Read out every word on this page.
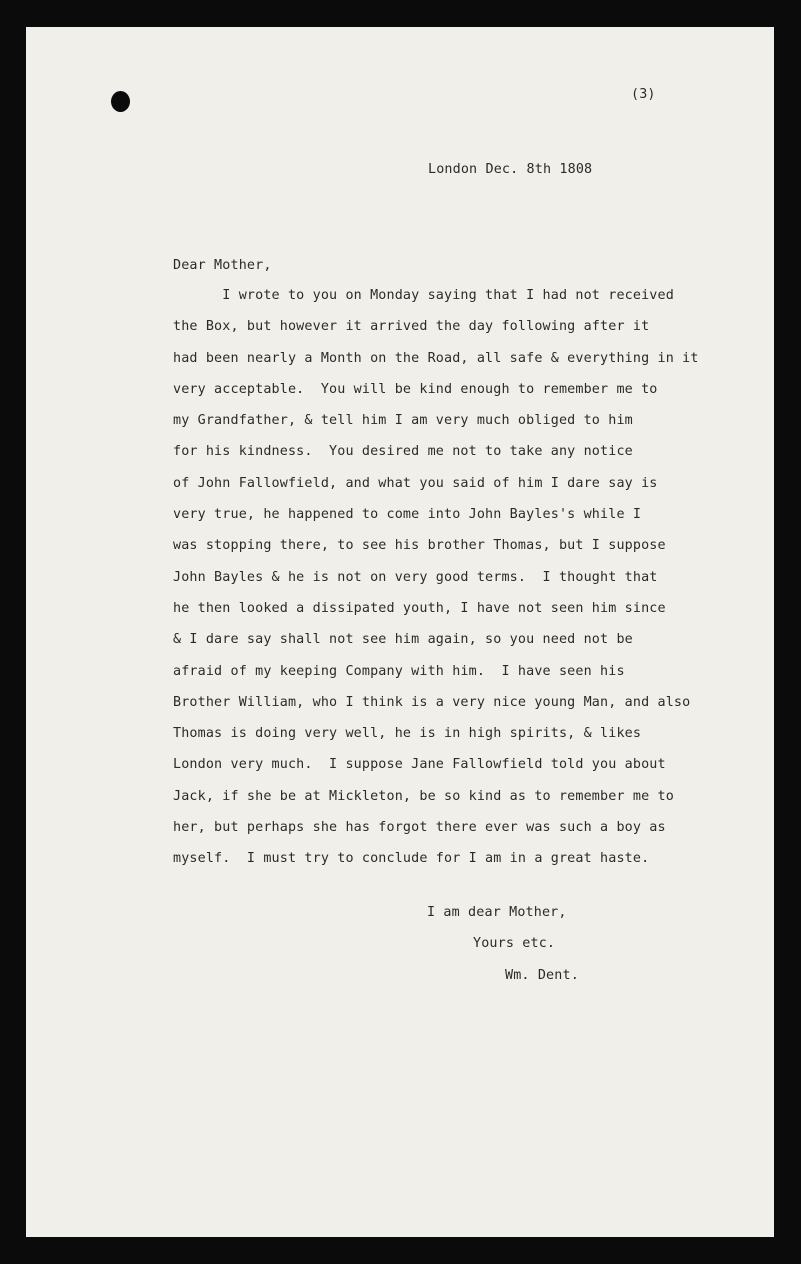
(3)
London Dec. 8th 1808
Dear Mother,
I wrote to you on Monday saying that I had not received
the Box, but however it arrived the day following after it
had been nearly a Month on the Road, all safe & everything in it
very acceptable.  You will be kind enough to remember me to
my Grandfather, & tell him I am very much obliged to him
for his kindness.  You desired me not to take any notice
of John Fallowfield, and what you said of him I dare say is
very true, he happened to come into John Bayles's while I
was stopping there, to see his brother Thomas, but I suppose
John Bayles & he is not on very good terms.  I thought that
he then looked a dissipated youth, I have not seen him since
& I dare say shall not see him again, so you need not be
afraid of my keeping Company with him.  I have seen his
Brother William, who I think is a very nice young Man, and also
Thomas is doing very well, he is in high spirits, & likes
London very much.  I suppose Jane Fallowfield told you about
Jack, if she be at Mickleton, be so kind as to remember me to
her, but perhaps she has forgot there ever was such a boy as
myself.  I must try to conclude for I am in a great haste.
I am dear Mother,
Yours etc.
Wm. Dent.
